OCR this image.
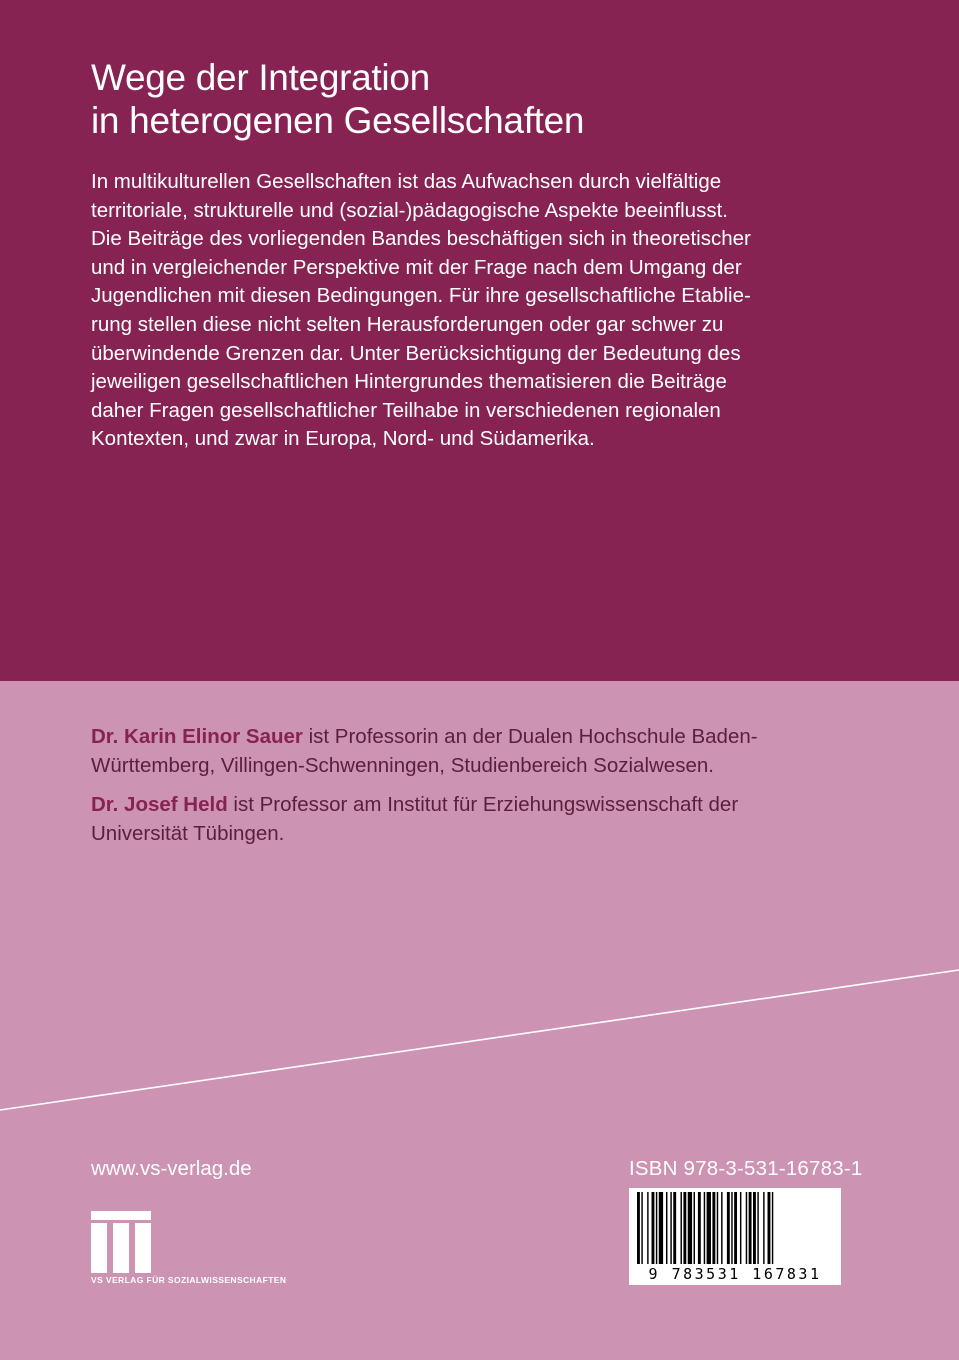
Wege der Integration
in heterogenen Gesellschaften
In multikulturellen Gesellschaften ist das Aufwachsen durch vielfältige
territoriale, strukturelle und (sozial-)pädagogische Aspekte beeinflusst.
Die Beiträge des vorliegenden Bandes beschäftigen sich in theoretischer
und in vergleichender Perspektive mit der Frage nach dem Umgang der
Jugendlichen mit diesen Bedingungen. Für ihre gesellschaftliche Etablie-
rung stellen diese nicht selten Herausforderungen oder gar schwer zu
überwindende Grenzen dar. Unter Berücksichtigung der Bedeutung des
jeweiligen gesellschaftlichen Hintergrundes thematisieren die Beiträge
daher Fragen gesellschaftlicher Teilhabe in verschiedenen regionalen
Kontexten, und zwar in Europa, Nord- und Südamerika.

Dr. Karin Elinor Sauer ist Professorin an der Dualen Hochschule Baden-
Württemberg, Villingen-Schwenningen, Studienbereich Sozialwesen.

Dr. Josef Held ist Professor am Institut für Erziehungswissenschaft der
Universität Tübingen.

www.vs-verlag.de
VS VERLAG FÜR SOZIALWISSENSCHAFTEN
ISBN 978-3-531-16783-1
9 783531 167831
